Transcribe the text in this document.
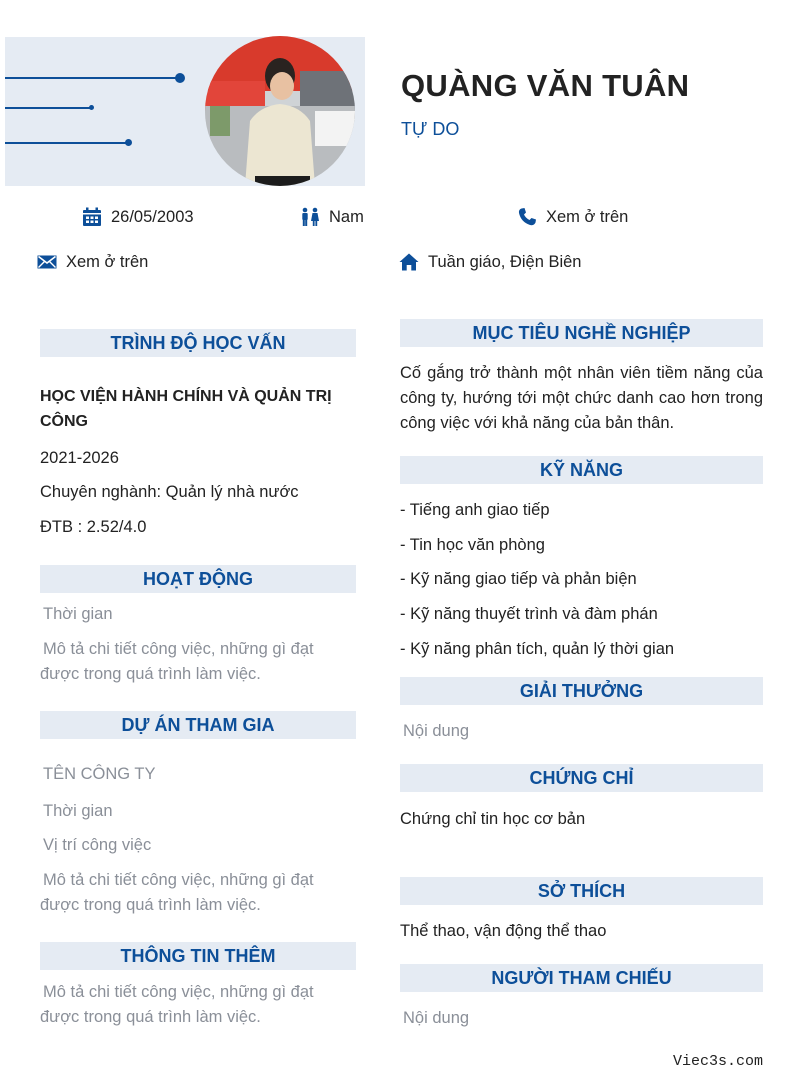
QUÀNG VĂN TUÂN
TỰ DO
26/05/2003	Nam	Xem ở trên
Xem ở trên	Tuần giáo, Điện Biên
TRÌNH ĐỘ HỌC VẤN
HỌC VIỆN HÀNH CHÍNH VÀ QUẢN TRỊ CÔNG
2021-2026
Chuyên nghành: Quản lý nhà nước
ĐTB : 2.52/4.0
HOẠT ĐỘNG
Thời gian
Mô tả chi tiết công việc, những gì đạt được trong quá trình làm việc.
DỰ ÁN THAM GIA
TÊN CÔNG TY
Thời gian
Vị trí công việc
Mô tả chi tiết công việc, những gì đạt được trong quá trình làm việc.
THÔNG TIN THÊM
Mô tả chi tiết công việc, những gì đạt được trong quá trình làm việc.
MỤC TIÊU NGHỀ NGHIỆP
Cố gắng trở thành một nhân viên tiềm năng của công ty, hướng tới một chức danh cao hơn trong công việc với khả năng của bản thân.
KỸ NĂNG
- Tiếng anh giao tiếp
- Tin học văn phòng
- Kỹ năng giao tiếp và phản biện
- Kỹ năng thuyết trình và đàm phán
- Kỹ năng phân tích, quản lý thời gian
GIẢI THƯỞNG
Nội dung
CHỨNG CHỈ
Chứng chỉ tin học cơ bản
SỞ THÍCH
Thể thao, vận động thể thao
NGƯỜI THAM CHIẾU
Nội dung
Viec3s.com
